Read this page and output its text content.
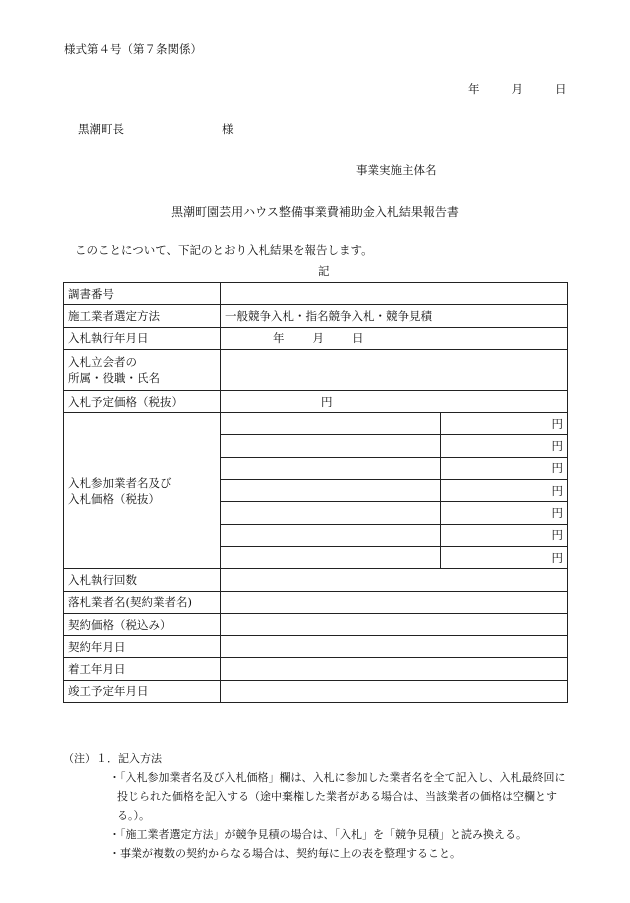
様式第４号（第７条関係）
年	月	日
黒潮町長	様
事業実施主体名
黒潮町園芸用ハウス整備事業費補助金入札結果報告書
このことについて、下記のとおり入札結果を報告します。
記
調書番号		
施工業者選定方法	一般競争入札・指名競争入札・競争見積	
入札執行年月日	年 月 日	

入札立会者の
所属・役職・氏名		

入札予定価格（税抜）	円	

入札参加業者名及び
入札価格（税抜）		円
		円
		円
		円
		円
		円
		円
入札執行回数		
落札業者名(契約業者名)		
契約価格（税込み）		
契約年月日		
着工年月日		
竣工予定年月日		
（注）１．記入方法
・「入札参加業者名及び入札価格」欄は、入札に参加した業者名を全て記入し、入札最終回に投じられた価格を記入する（途中棄権した業者がある場合は、当該業者の価格は空欄とする。）。
・「施工業者選定方法」が競争見積の場合は、「入札」を「競争見積」と読み換える。
・事業が複数の契約からなる場合は、契約毎に上の表を整理すること。
